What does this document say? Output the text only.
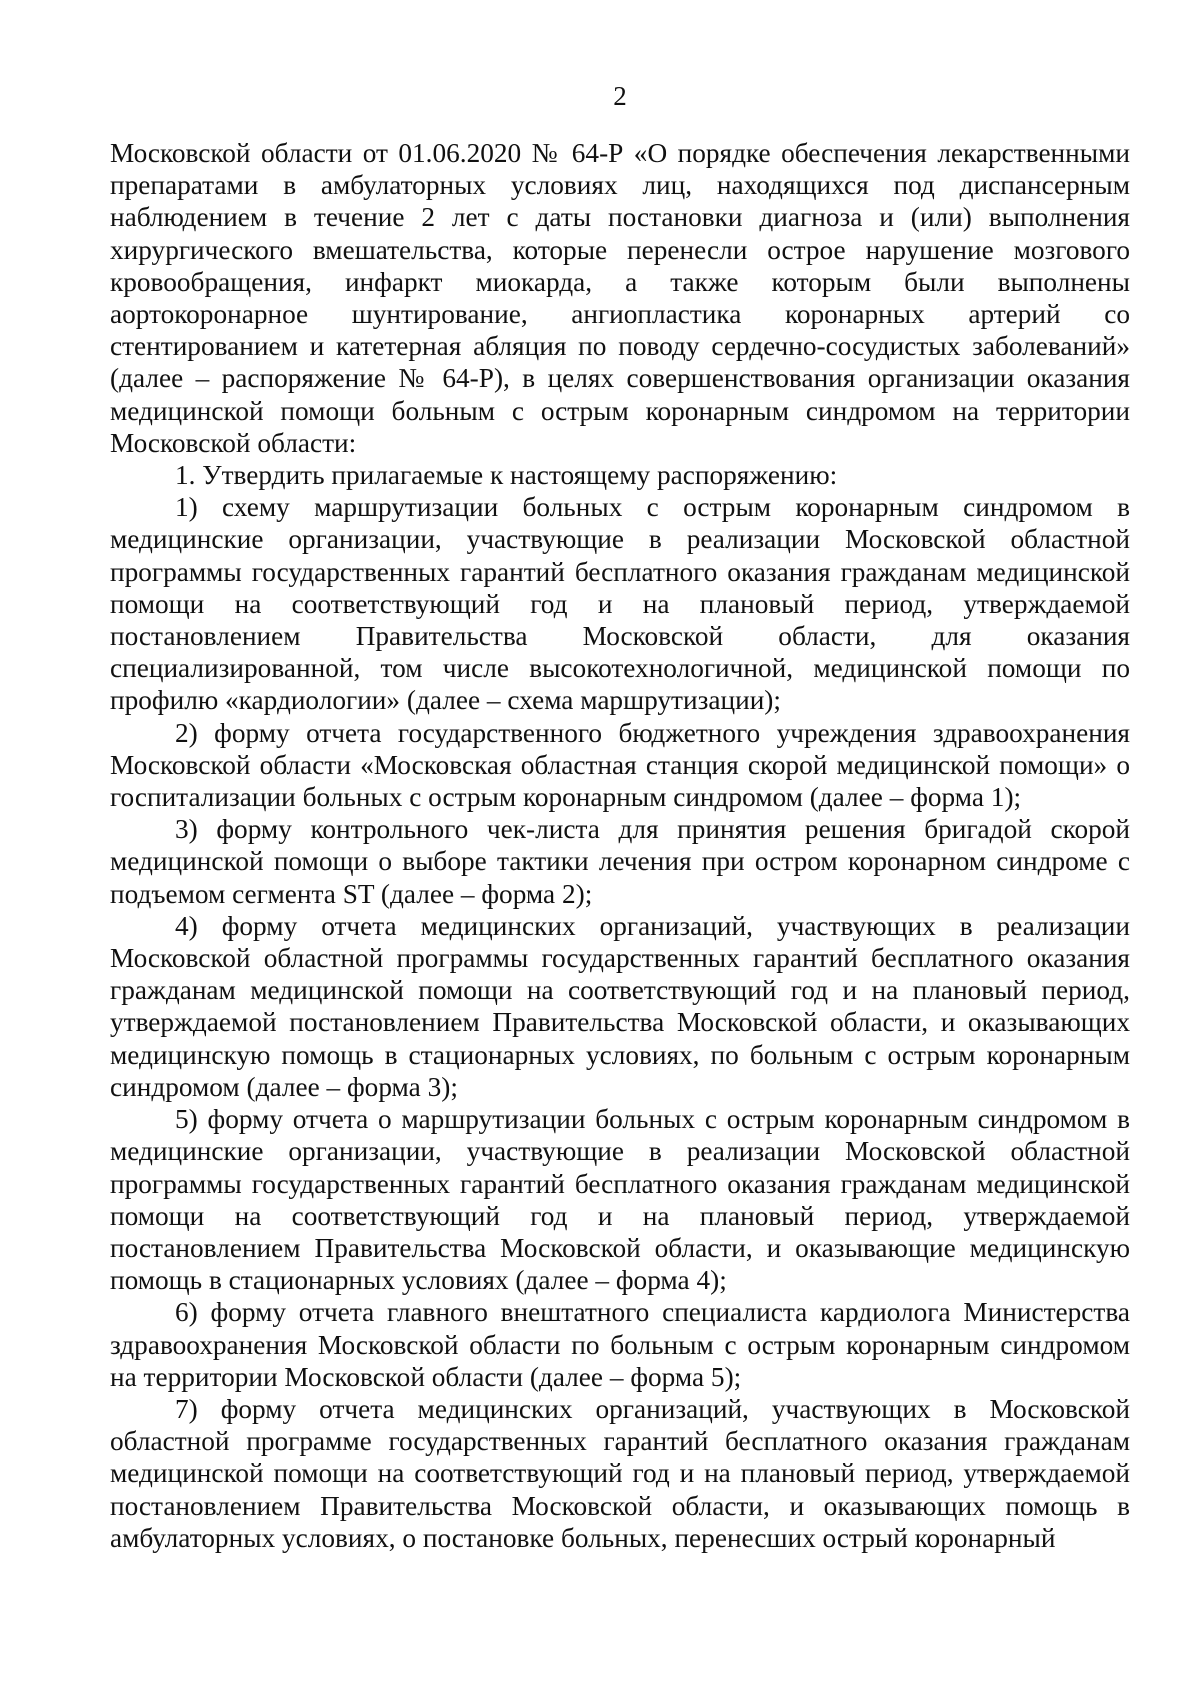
2

Московской области от 01.06.2020 № 64-Р «О порядке обеспечения лекарственными препаратами в амбулаторных условиях лиц, находящихся под диспансерным наблюдением в течение 2 лет с даты постановки диагноза и (или) выполнения хирургического вмешательства, которые перенесли острое нарушение мозгового кровообращения, инфаркт миокарда, а также которым были выполнены аортокоронарное шунтирование, ангиопластика коронарных артерий со стентированием и катетерная абляция по поводу сердечно-сосудистых заболеваний» (далее – распоряжение № 64-Р), в целях совершенствования организации оказания медицинской помощи больным с острым коронарным синдромом на территории Московской области:

1. Утвердить прилагаемые к настоящему распоряжению:

1) схему маршрутизации больных с острым коронарным синдромом в медицинские организации, участвующие в реализации Московской областной программы государственных гарантий бесплатного оказания гражданам медицинской помощи на соответствующий год и на плановый период, утверждаемой постановлением Правительства Московской области, для оказания специализированной, том числе высокотехнологичной, медицинской помощи по профилю «кардиологии» (далее – схема маршрутизации);

2) форму отчета государственного бюджетного учреждения здравоохранения Московской области «Московская областная станция скорой медицинской помощи» о госпитализации больных с острым коронарным синдромом (далее – форма 1);

3) форму контрольного чек-листа для принятия решения бригадой скорой медицинской помощи о выборе тактики лечения при остром коронарном синдроме с подъемом сегмента ST (далее – форма 2);

4) форму отчета медицинских организаций, участвующих в реализации Московской областной программы государственных гарантий бесплатного оказания гражданам медицинской помощи на соответствующий год и на плановый период, утверждаемой постановлением Правительства Московской области, и оказывающих медицинскую помощь в стационарных условиях, по больным с острым коронарным синдромом (далее – форма 3);

5) форму отчета о маршрутизации больных с острым коронарным синдромом в медицинские организации, участвующие в реализации Московской областной программы государственных гарантий бесплатного оказания гражданам медицинской помощи на соответствующий год и на плановый период, утверждаемой постановлением Правительства Московской области, и оказывающие медицинскую помощь в стационарных условиях (далее – форма 4);

6) форму отчета главного внештатного специалиста кардиолога Министерства здравоохранения Московской области по больным с острым коронарным синдромом на территории Московской области (далее – форма 5);

7) форму отчета медицинских организаций, участвующих в Московской областной программе государственных гарантий бесплатного оказания гражданам медицинской помощи на соответствующий год и на плановый период, утверждаемой постановлением Правительства Московской области, и оказывающих помощь в амбулаторных условиях, о постановке больных, перенесших острый коронарный
